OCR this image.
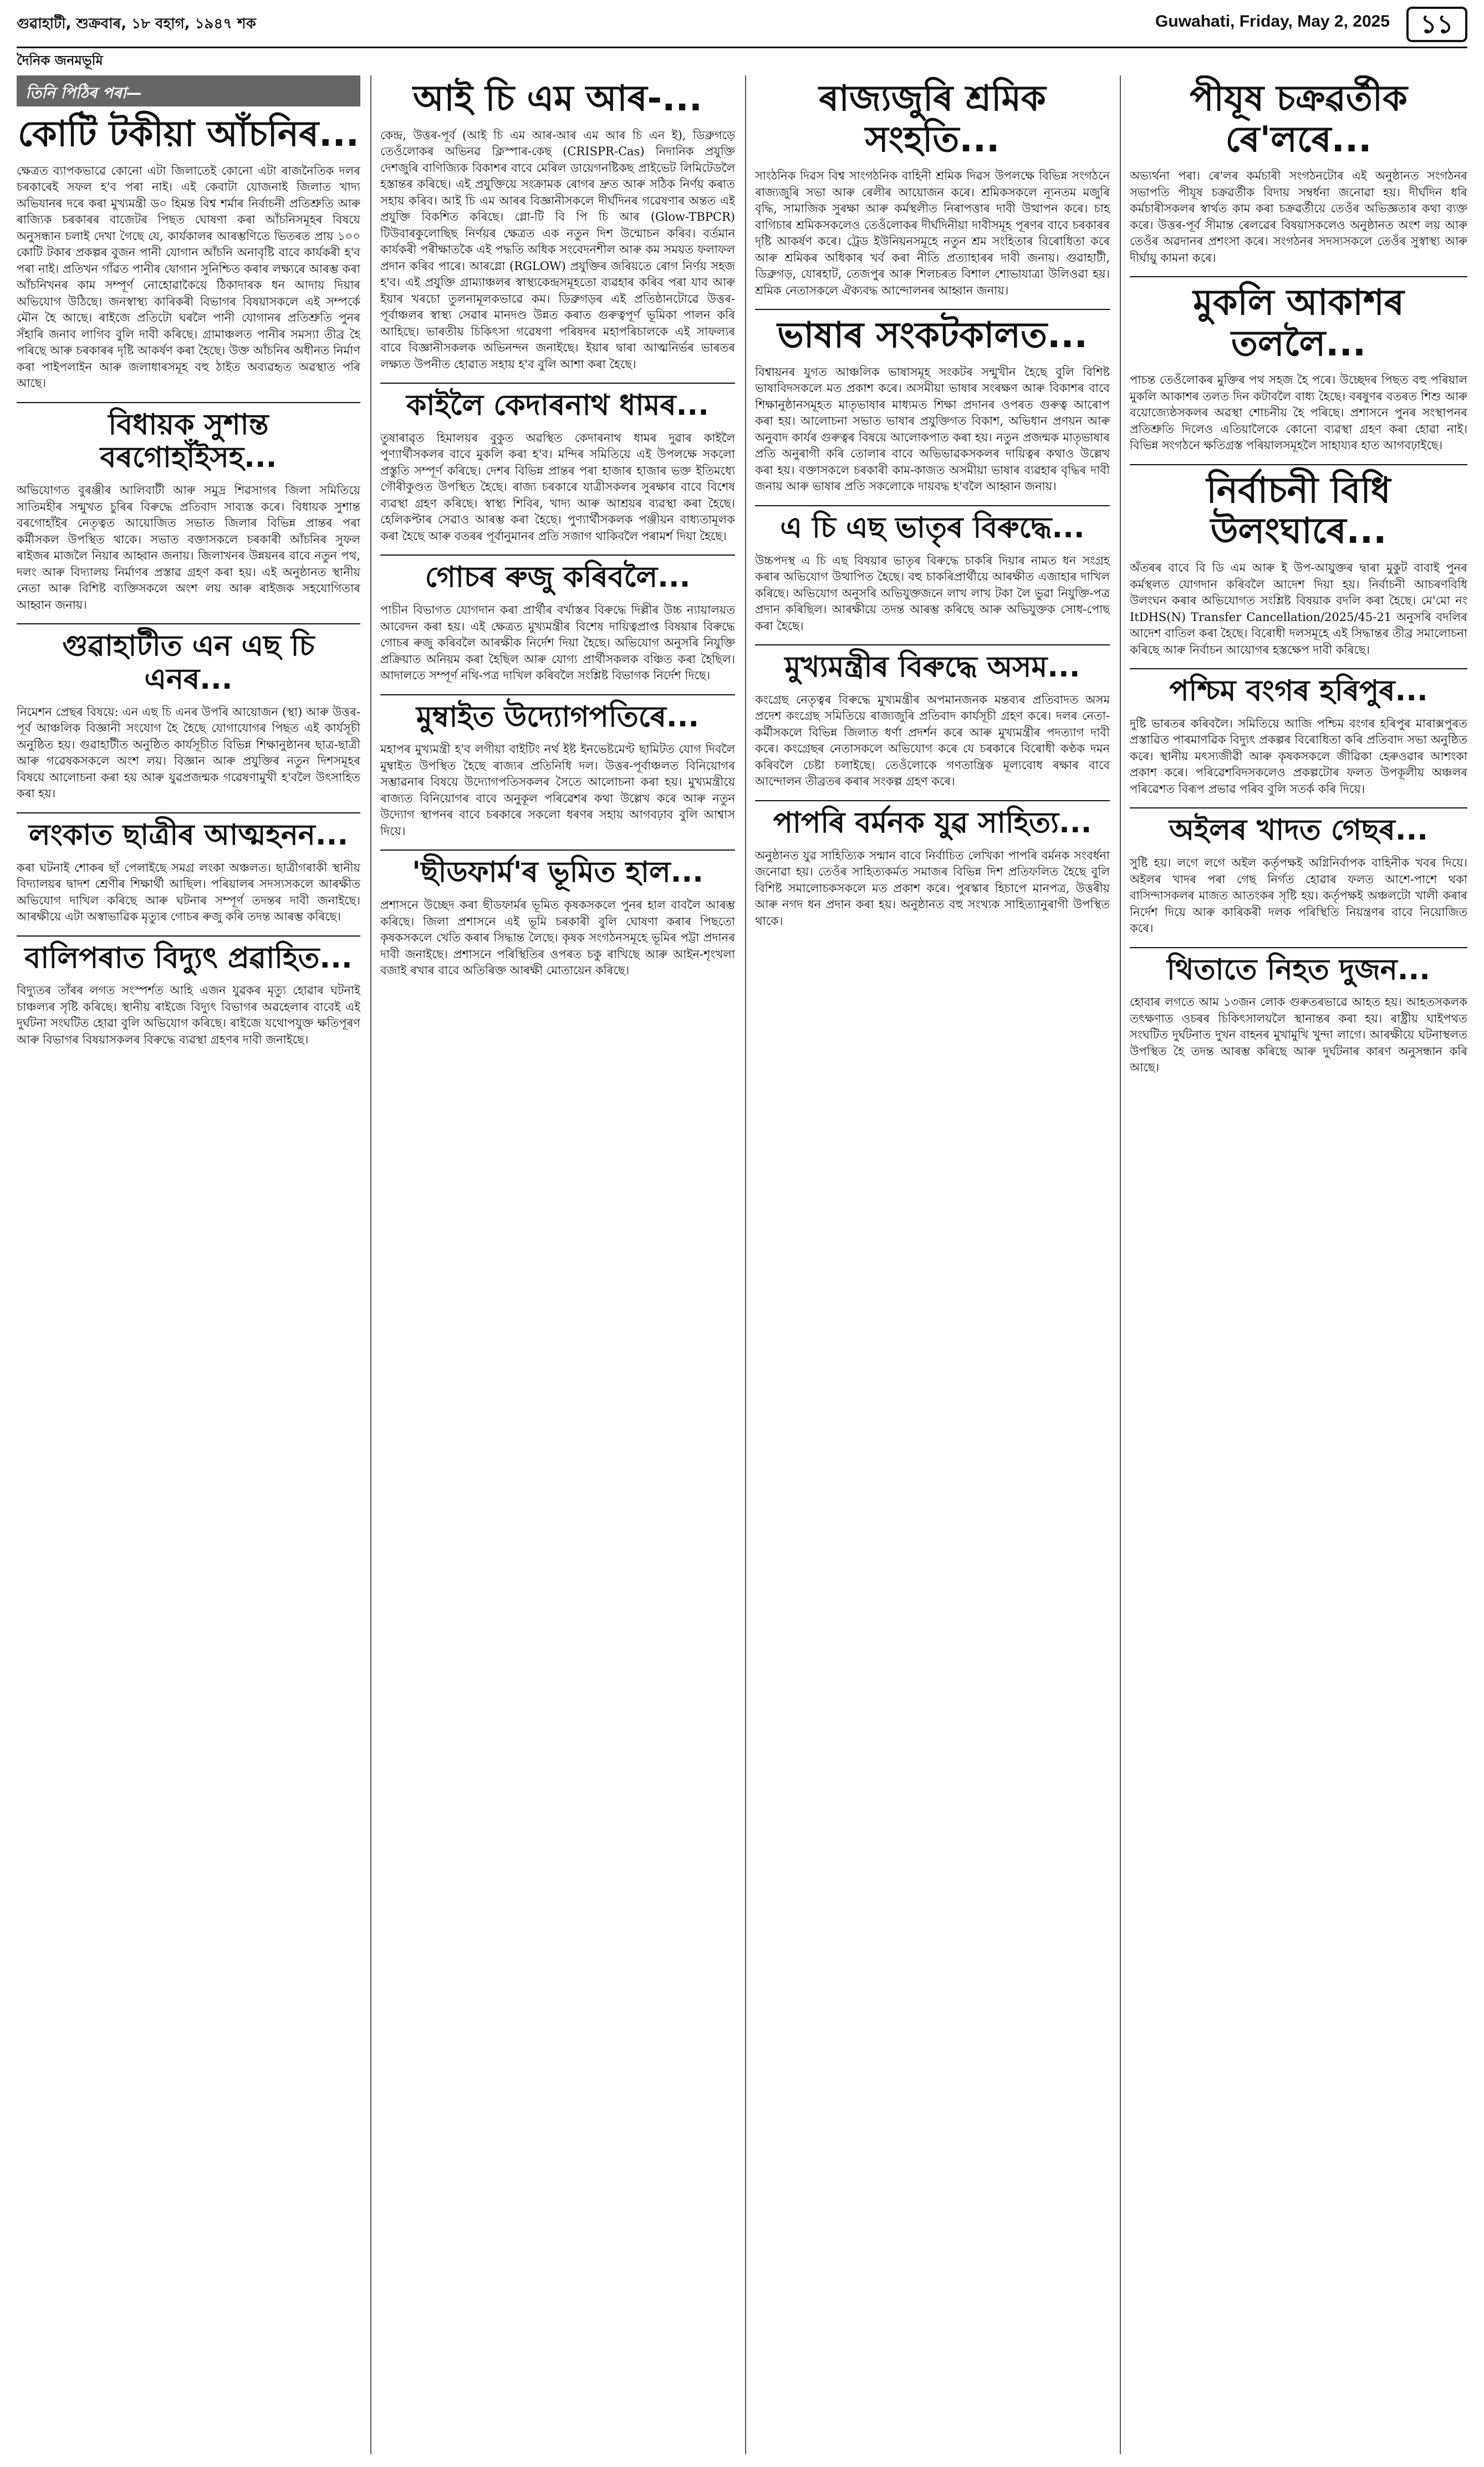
গুৱাহাটী, শুক্ৰবাৰ, ১৮ বহাগ, ১৯৪৭ শক	Guwahati, Friday, May 2, 2025	১১
দৈনিক জনমভূমি
তিনি পিঠিৰ পৰা—
কোটি টকীয়া আঁচনিৰ...
ক্ষেত্ৰত ব্যাপকভাৱে কোনো এটা জিলাতেই কোনো এটা ৰাজনৈতিক দলৰ চৰকাৰেই সফল হ'ব পৰা নাই। এই কেবাটা যোজনাই জিলাত খাদ্য অভিযানৰ দৰে কৰা মুখ্যমন্ত্ৰী ড০ হিমন্ত বিশ্ব শৰ্মাৰ নিৰ্বাচনী প্ৰতিশ্ৰুতি আৰু ৰাজ্যিক চৰকাৰৰ বাজেটৰ পিছত ঘোষণা কৰা আঁচনিসমূহৰ বিষয়ে অনুসন্ধান চলাই দেখা গৈছে যে, কাৰ্যকালৰ আৰম্ভণিতে ভিতৰত প্ৰায় ১০০ কোটি টকাৰ প্ৰকল্পৰ বুজন পানী যোগান আঁচনি অনাবৃষ্টি বাবে কাৰ্যকৰী হ'ব পৰা নাই। প্ৰতিখন গাঁৱত পানীৰ যোগান সুনিশ্চিত কৰাৰ লক্ষ্যৰে আৰম্ভ কৰা আঁচনিখনৰ কাম সম্পূৰ্ণ নোহোৱাকৈয়ে ঠিকাদাৰক ধন আদায় দিয়াৰ অভিযোগ উঠিছে। জনস্বাস্থ্য কাৰিকৰী বিভাগৰ বিষয়াসকলে এই সম্পৰ্কে মৌন হৈ আছে। ৰাইজে প্ৰতিটো ঘৰলৈ পানী যোগানৰ প্ৰতিশ্ৰুতি পুনৰ সঁহাৰি জনাব লাগিব বুলি দাবী কৰিছে। গ্ৰামাঞ্চলত পানীৰ সমস্যা তীব্ৰ হৈ পৰিছে আৰু চৰকাৰৰ দৃষ্টি আকৰ্ষণ কৰা হৈছে। উক্ত আঁচনিৰ অধীনত নিৰ্মাণ কৰা পাইপলাইন আৰু জলাধাৰসমূহ বহু ঠাইত অব্যৱহৃত অৱস্থাত পৰি আছে।
বিধায়ক সুশান্ত বৰগোহাঁইসহ...
অভিযোগত বুৰঞ্জীৰ আলিবাটী আৰু সমুদ্ৰ শিৱসাগৰ জিলা সমিতিয়ে সাতিমহীৰ সন্মুখত চুৰিৰ বিৰুদ্ধে প্ৰতিবাদ সাব্যস্ত কৰে। বিধায়ক সুশান্ত বৰগোহাঁইৰ নেতৃত্বত আয়োজিত সভাত জিলাৰ বিভিন্ন প্ৰান্তৰ পৰা কৰ্মীসকল উপস্থিত থাকে। সভাত বক্তাসকলে চৰকাৰী আঁচনিৰ সুফল ৰাইজৰ মাজলৈ নিয়াৰ আহ্বান জনায়। জিলাখনৰ উন্নয়নৰ বাবে নতুন পথ, দলং আৰু বিদ্যালয় নিৰ্মাণৰ প্ৰস্তাৱ গ্ৰহণ কৰা হয়। এই অনুষ্ঠানত স্থানীয় নেতা আৰু বিশিষ্ট ব্যক্তিসকলে অংশ লয় আৰু ৰাইজক সহযোগিতাৰ আহ্বান জনায়।
গুৱাহাটীত এন এছ চি এনৰ...
নিমেশন প্ৰেছৰ বিষয়ে: এন এছ চি এনৰ উপৰি আয়োজন (স্থা) আৰু উত্তৰ-পূৰ্ব আঞ্চলিক বিজ্ঞানী সংযোগ হৈ হৈছে যোগাযোগৰ পিছত এই কাৰ্যসূচী অনুষ্ঠিত হয়। গুৱাহাটীত অনুষ্ঠিত কাৰ্যসূচীত বিভিন্ন শিক্ষানুষ্ঠানৰ ছাত্ৰ-ছাত্ৰী আৰু গৱেষকসকলে অংশ লয়। বিজ্ঞান আৰু প্ৰযুক্তিৰ নতুন দিশসমূহৰ বিষয়ে আলোচনা কৰা হয় আৰু যুৱপ্ৰজন্মক গৱেষণামুখী হ'বলৈ উৎসাহিত কৰা হয়।
লংকাত ছাত্ৰীৰ আত্মহনন...
কৰা ঘটনাই শোকৰ ছাঁ পেলাইছে সমগ্ৰ লংকা অঞ্চলত। ছাত্ৰীগৰাকী স্থানীয় বিদ্যালয়ৰ দ্বাদশ শ্ৰেণীৰ শিক্ষাৰ্থী আছিল। পৰিয়ালৰ সদস্যসকলে আৰক্ষীত অভিযোগ দাখিল কৰিছে আৰু ঘটনাৰ সম্পূৰ্ণ তদন্তৰ দাবী জনাইছে। আৰক্ষীয়ে এটা অস্বাভাৱিক মৃত্যুৰ গোচৰ ৰুজু কৰি তদন্ত আৰম্ভ কৰিছে।
বালিপৰাত বিদ্যুৎ প্ৰৱাহিত...
বিদ্যুতৰ তাঁৰৰ লগত সংস্পৰ্শত আহি এজন যুৱকৰ মৃত্যু হোৱাৰ ঘটনাই চাঞ্চল্যৰ সৃষ্টি কৰিছে। স্থানীয় ৰাইজে বিদ্যুৎ বিভাগৰ অৱহেলাৰ বাবেই এই দুৰ্ঘটনা সংঘটিত হোৱা বুলি অভিযোগ কৰিছে। ৰাইজে যথোপযুক্ত ক্ষতিপূৰণ আৰু বিভাগৰ বিষয়াসকলৰ বিৰুদ্ধে ব্যৱস্থা গ্ৰহণৰ দাবী জনাইছে।
আই চি এম আৰ-...
কেন্দ্ৰ, উত্তৰ-পূৰ্ব (আই চি এম আৰ-আৰ এম আৰ চি এন ই), ডিব্ৰুগড়ে তেওঁলোকৰ অভিনৱ ক্লিস্পাৰ-কেছ (CRISPR-Cas) নিদানিক প্ৰযুক্তি দেশজুৰি বাণিজ্যিক বিকাশৰ বাবে মেৰিল ডায়েগনষ্টিকছ প্ৰাইভেট লিমিটেডলৈ হস্তান্তৰ কৰিছে। এই প্ৰযুক্তিয়ে সংক্ৰামক ৰোগৰ দ্ৰুত আৰু সঠিক নিৰ্ণয় কৰাত সহায় কৰিব। আই চি এম আৰৰ বিজ্ঞানীসকলে দীৰ্ঘদিনৰ গৱেষণাৰ অন্তত এই প্ৰযুক্তি বিকশিত কৰিছে। গ্লো-টি বি পি চি আৰ (Glow-TBPCR) টিউবাৰকুলোছিছ নিৰ্ণয়ৰ ক্ষেত্ৰত এক নতুন দিশ উন্মোচন কৰিব। বৰ্তমান কাৰ্যকৰী পৰীক্ষাতকৈ এই পদ্ধতি অধিক সংবেদনশীল আৰু কম সময়ত ফলাফল প্ৰদান কৰিব পাৰে। আৰগ্লো (RGLOW) প্ৰযুক্তিৰ জৰিয়তে ৰোগ নিৰ্ণয় সহজ হ'ব। এই প্ৰযুক্তি গ্ৰাম্যাঞ্চলৰ স্বাস্থ্যকেন্দ্ৰসমূহতো ব্যৱহাৰ কৰিব পৰা যাব আৰু ইয়াৰ খৰচো তুলনামূলকভাৱে কম। ডিব্ৰুগড়ৰ এই প্ৰতিষ্ঠানটোৱে উত্তৰ-পূৰ্বাঞ্চলৰ স্বাস্থ্য সেৱাৰ মানদণ্ড উন্নত কৰাত গুৰুত্বপূৰ্ণ ভূমিকা পালন কৰি আহিছে। ভাৰতীয় চিকিৎসা গৱেষণা পৰিষদৰ মহাপৰিচালকে এই সাফল্যৰ বাবে বিজ্ঞানীসকলক অভিনন্দন জনাইছে। ইয়াৰ দ্বাৰা আত্মনিৰ্ভৰ ভাৰতৰ লক্ষ্যত উপনীত হোৱাত সহায় হ'ব বুলি আশা কৰা হৈছে।
কাইলৈ কেদাৰনাথ ধামৰ...
তুষাৰাৱৃত হিমালয়ৰ বুকুত অৱস্থিত কেদাৰনাথ ধামৰ দুৱাৰ কাইলৈ পুণ্যাৰ্থীসকলৰ বাবে মুকলি কৰা হ'ব। মন্দিৰ সমিতিয়ে এই উপলক্ষে সকলো প্ৰস্তুতি সম্পূৰ্ণ কৰিছে। দেশৰ বিভিন্ন প্ৰান্তৰ পৰা হাজাৰ হাজাৰ ভক্ত ইতিমধ্যে গৌৰীকুণ্ডত উপস্থিত হৈছে। ৰাজ্য চৰকাৰে যাত্ৰীসকলৰ সুৰক্ষাৰ বাবে বিশেষ ব্যৱস্থা গ্ৰহণ কৰিছে। স্বাস্থ্য শিবিৰ, খাদ্য আৰু আশ্ৰয়ৰ ব্যৱস্থা কৰা হৈছে। হেলিকপ্টাৰ সেৱাও আৰম্ভ কৰা হৈছে। পুণ্যাৰ্থীসকলক পঞ্জীয়ন বাধ্যতামূলক কৰা হৈছে আৰু বতৰৰ পূৰ্বানুমানৰ প্ৰতি সজাগ থাকিবলৈ পৰামৰ্শ দিয়া হৈছে।
গোচৰ ৰুজু কৰিবলৈ...
পাচীন বিভাগত যোগদান কৰা প্ৰাৰ্থীৰ বৰ্খাস্তৰ বিৰুদ্ধে দিল্লীৰ উচ্চ ন্যায়ালয়ত আবেদন কৰা হয়। এই ক্ষেত্ৰত মুখ্যমন্ত্ৰীৰ বিশেষ দায়িত্বপ্ৰাপ্ত বিষয়াৰ বিৰুদ্ধে গোচৰ ৰুজু কৰিবলৈ আৰক্ষীক নিৰ্দেশ দিয়া হৈছে। অভিযোগ অনুসৰি নিযুক্তি প্ৰক্ৰিয়াত অনিয়ম কৰা হৈছিল আৰু যোগ্য প্ৰাৰ্থীসকলক বঞ্চিত কৰা হৈছিল। আদালতে সম্পূৰ্ণ নথি-পত্ৰ দাখিল কৰিবলৈ সংশ্লিষ্ট বিভাগক নিৰ্দেশ দিছে।
মুম্বাইত উদ্যোগপতিৰে...
মহাপৰ মুখ্যমন্ত্ৰী হ'ব লগীয়া বাইটিং নৰ্থ ইষ্ট ইনভেষ্টমেণ্ট ছামিটত যোগ দিবলৈ মুম্বাইত উপস্থিত হৈছে ৰাজ্যৰ প্ৰতিনিধি দল। উত্তৰ-পূৰ্বাঞ্চলত বিনিয়োগৰ সম্ভাৱনাৰ বিষয়ে উদ্যোগপতিসকলৰ সৈতে আলোচনা কৰা হয়। মুখ্যমন্ত্ৰীয়ে ৰাজ্যত বিনিয়োগৰ বাবে অনুকূল পৰিৱেশৰ কথা উল্লেখ কৰে আৰু নতুন উদ্যোগ স্থাপনৰ বাবে চৰকাৰে সকলো ধৰণৰ সহায় আগবঢ়াব বুলি আশ্বাস দিয়ে।
'ছীডফাৰ্ম'ৰ ভূমিত হাল...
প্ৰশাসনে উচ্ছেদ কৰা ছীডফাৰ্মৰ ভূমিত কৃষকসকলে পুনৰ হাল বাবলৈ আৰম্ভ কৰিছে। জিলা প্ৰশাসনে এই ভূমি চৰকাৰী বুলি ঘোষণা কৰাৰ পিছতো কৃষকসকলে খেতি কৰাৰ সিদ্ধান্ত লৈছে। কৃষক সংগঠনসমূহে ভূমিৰ পট্টা প্ৰদানৰ দাবী জনাইছে। প্ৰশাসনে পৰিস্থিতিৰ ওপৰত চকু ৰাখিছে আৰু আইন-শৃংখলা বজাই ৰখাৰ বাবে অতিৰিক্ত আৰক্ষী মোতায়েন কৰিছে।
ৰাজ্যজুৰি শ্ৰমিক সংহতি...
সাংঠনিক দিৱস বিশ্ব সাংগঠনিক বাহিনী শ্ৰমিক দিৱস উপলক্ষে বিভিন্ন সংগঠনে ৰাজ্যজুৰি সভা আৰু ৰেলীৰ আয়োজন কৰে। শ্ৰমিকসকলে ন্যূনতম মজুৰি বৃদ্ধি, সামাজিক সুৰক্ষা আৰু কৰ্মস্থলীত নিৰাপত্তাৰ দাবী উত্থাপন কৰে। চাহ বাগিচাৰ শ্ৰমিকসকলেও তেওঁলোকৰ দীৰ্ঘদিনীয়া দাবীসমূহ পূৰণৰ বাবে চৰকাৰৰ দৃষ্টি আকৰ্ষণ কৰে। ট্ৰেড ইউনিয়নসমূহে নতুন শ্ৰম সংহিতাৰ বিৰোধিতা কৰে আৰু শ্ৰমিকৰ অধিকাৰ খৰ্ব কৰা নীতি প্ৰত্যাহাৰৰ দাবী জনায়। গুৱাহাটী, ডিব্ৰুগড়, যোৰহাট, তেজপুৰ আৰু শিলচৰত বিশাল শোভাযাত্ৰা উলিওৱা হয়। শ্ৰমিক নেতাসকলে ঐক্যবদ্ধ আন্দোলনৰ আহ্বান জনায়।
ভাষাৰ সংকটকালত...
বিশ্বায়নৰ যুগত আঞ্চলিক ভাষাসমূহ সংকটৰ সন্মুখীন হৈছে বুলি বিশিষ্ট ভাষাবিদসকলে মত প্ৰকাশ কৰে। অসমীয়া ভাষাৰ সংৰক্ষণ আৰু বিকাশৰ বাবে শিক্ষানুষ্ঠানসমূহত মাতৃভাষাৰ মাধ্যমত শিক্ষা প্ৰদানৰ ওপৰত গুৰুত্ব আৰোপ কৰা হয়। আলোচনা সভাত ভাষাৰ প্ৰযুক্তিগত বিকাশ, অভিধান প্ৰণয়ন আৰু অনুবাদ কাৰ্যৰ গুৰুত্বৰ বিষয়ে আলোকপাত কৰা হয়। নতুন প্ৰজন্মক মাতৃভাষাৰ প্ৰতি অনুৰাগী কৰি তোলাৰ বাবে অভিভাৱকসকলৰ দায়িত্বৰ কথাও উল্লেখ কৰা হয়। বক্তাসকলে চৰকাৰী কাম-কাজত অসমীয়া ভাষাৰ ব্যৱহাৰ বৃদ্ধিৰ দাবী জনায় আৰু ভাষাৰ প্ৰতি সকলোকে দায়বদ্ধ হ'বলৈ আহ্বান জনায়।
এ চি এছ ভাতৃৰ বিৰুদ্ধে...
উচ্চপদস্থ এ চি এছ বিষয়াৰ ভাতৃৰ বিৰুদ্ধে চাকৰি দিয়াৰ নামত ধন সংগ্ৰহ কৰাৰ অভিযোগ উত্থাপিত হৈছে। বহু চাকৰিপ্ৰাৰ্থীয়ে আৰক্ষীত এজাহাৰ দাখিল কৰিছে। অভিযোগ অনুসৰি অভিযুক্তজনে লাখ লাখ টকা লৈ ভুৱা নিযুক্তি-পত্ৰ প্ৰদান কৰিছিল। আৰক্ষীয়ে তদন্ত আৰম্ভ কৰিছে আৰু অভিযুক্তক সোধ-পোছ কৰা হৈছে।
মুখ্যমন্ত্ৰীৰ বিৰুদ্ধে অসম...
কংগ্ৰেছ নেতৃত্বৰ বিৰুদ্ধে মুখ্যমন্ত্ৰীৰ অপমানজনক মন্তব্যৰ প্ৰতিবাদত অসম প্ৰদেশ কংগ্ৰেছ সমিতিয়ে ৰাজ্যজুৰি প্ৰতিবাদ কাৰ্যসূচী গ্ৰহণ কৰে। দলৰ নেতা-কৰ্মীসকলে বিভিন্ন জিলাত ধৰ্ণা প্ৰদৰ্শন কৰে আৰু মুখ্যমন্ত্ৰীৰ পদত্যাগ দাবী কৰে। কংগ্ৰেছৰ নেতাসকলে অভিযোগ কৰে যে চৰকাৰে বিৰোধী কণ্ঠক দমন কৰিবলৈ চেষ্টা চলাইছে। তেওঁলোকে গণতান্ত্ৰিক মূল্যবোধ ৰক্ষাৰ বাবে আন্দোলন তীব্ৰতৰ কৰাৰ সংকল্প গ্ৰহণ কৰে।
পাপৰি বৰ্মনক যুৱ সাহিত্য...
অনুষ্ঠানত যুৱ সাহিত্যিক সন্মান বাবে নিৰ্বাচিত লেখিকা পাপৰি বৰ্মনক সংবৰ্ধনা জনোৱা হয়। তেওঁৰ সাহিত্যকৰ্মত সমাজৰ বিভিন্ন দিশ প্ৰতিফলিত হৈছে বুলি বিশিষ্ট সমালোচকসকলে মত প্ৰকাশ কৰে। পুৰস্কাৰ হিচাপে মানপত্ৰ, উত্তৰীয় আৰু নগদ ধন প্ৰদান কৰা হয়। অনুষ্ঠানত বহু সংখ্যক সাহিত্যানুৰাগী উপস্থিত থাকে।
পীযূষ চক্ৰৱৰ্তীক ৰে'লৰে...
অভ্যৰ্থনা পৰা। ৰে'লৰ কৰ্মচাৰী সংগঠনটোৰ এই অনুষ্ঠানত সংগঠনৰ সভাপতি পীযূষ চক্ৰৱৰ্তীক বিদায় সম্বৰ্ধনা জনোৱা হয়। দীৰ্ঘদিন ধৰি কৰ্মচাৰীসকলৰ স্বাৰ্থত কাম কৰা চক্ৰৱৰ্তীয়ে তেওঁৰ অভিজ্ঞতাৰ কথা ব্যক্ত কৰে। উত্তৰ-পূৰ্ব সীমান্ত ৰেলৱেৰ বিষয়াসকলেও অনুষ্ঠানত অংশ লয় আৰু তেওঁৰ অৱদানৰ প্ৰশংসা কৰে। সংগঠনৰ সদস্যসকলে তেওঁৰ সুস্বাস্থ্য আৰু দীৰ্ঘায়ু কামনা কৰে।
মুকলি আকাশৰ তললৈ...
পাচন্ত তেওঁলোকৰ মুক্তিৰ পথ সহজ হৈ পৰে। উচ্ছেদৰ পিছত বহু পৰিয়াল মুকলি আকাশৰ তলত দিন কটাবলৈ বাধ্য হৈছে। বৰষুণৰ বতৰত শিশু আৰু বয়োজ্যেষ্ঠসকলৰ অৱস্থা শোচনীয় হৈ পৰিছে। প্ৰশাসনে পুনৰ সংস্থাপনৰ প্ৰতিশ্ৰুতি দিলেও এতিয়ালৈকে কোনো ব্যৱস্থা গ্ৰহণ কৰা হোৱা নাই। বিভিন্ন সংগঠনে ক্ষতিগ্ৰস্ত পৰিয়ালসমূহলৈ সাহায্যৰ হাত আগবঢ়াইছে।
নিৰ্বাচনী বিধি উলংঘাৰে...
অঁতৰৰ বাবে বি ডি এম আৰু ই উপ-আয়ুক্তৰ দ্বাৰা মুকুট বাবাই পুনৰ কৰ্মস্থলত যোগদান কৰিবলৈ আদেশ দিয়া হয়। নিৰ্বাচনী আচৰণবিধি উলংঘন কৰাৰ অভিযোগত সংশ্লিষ্ট বিষয়াক বদলি কৰা হৈছে। মে'মো নং ItDHS(N) Transfer Cancellation/2025/45-21 অনুসৰি বদলিৰ আদেশ বাতিল কৰা হৈছে। বিৰোধী দলসমূহে এই সিদ্ধান্তৰ তীব্ৰ সমালোচনা কৰিছে আৰু নিৰ্বাচন আয়োগৰ হস্তক্ষেপ দাবী কৰিছে।
পশ্চিম বংগৰ হৰিপুৰ...
দুষ্টি ভাৰতৰ কৰিবলৈ। সমিতিয়ে আজি পশ্চিম বংগৰ হৰিপুৰ মাৰাক্সপুৰত প্ৰস্তাৱিত পাৰমাণৱিক বিদ্যুৎ প্ৰকল্পৰ বিৰোধিতা কৰি প্ৰতিবাদ সভা অনুষ্ঠিত কৰে। স্থানীয় মৎস্যজীৱী আৰু কৃষকসকলে জীৱিকা হেৰুওৱাৰ আশংকা প্ৰকাশ কৰে। পৰিৱেশবিদসকলেও প্ৰকল্পটোৰ ফলত উপকূলীয় অঞ্চলৰ পৰিৱেশত বিৰূপ প্ৰভাৱ পৰিব বুলি সতৰ্ক কৰি দিয়ে।
অইলৰ খাদত গেছৰ...
সুষ্টি হয়। লগে লগে অইল কৰ্তৃপক্ষই অগ্নিনিৰ্বাপক বাহিনীক খবৰ দিয়ে। অইলৰ খাদৰ পৰা গেছ নিৰ্গত হোৱাৰ ফলত আশে-পাশে থকা বাসিন্দাসকলৰ মাজত আতংকৰ সৃষ্টি হয়। কৰ্তৃপক্ষই অঞ্চলটো খালী কৰাৰ নিৰ্দেশ দিয়ে আৰু কাৰিকৰী দলক পৰিস্থিতি নিয়ন্ত্ৰণৰ বাবে নিয়োজিত কৰে।
থিতাতে নিহত দুজন...
হোবাৰ লগতে আম ১৩জন লোক গুৰুতৰভাৱে আহত হয়। আহতসকলক তৎক্ষণাত ওচৰৰ চিকিৎসালয়লৈ স্থানান্তৰ কৰা হয়। ৰাষ্ট্ৰীয় ঘাইপথত সংঘটিত দুৰ্ঘটনাত দুখন বাহনৰ মুখামুখি খুন্দা লাগে। আৰক্ষীয়ে ঘটনাস্থলত উপস্থিত হৈ তদন্ত আৰম্ভ কৰিছে আৰু দুৰ্ঘটনাৰ কাৰণ অনুসন্ধান কৰি আছে।
